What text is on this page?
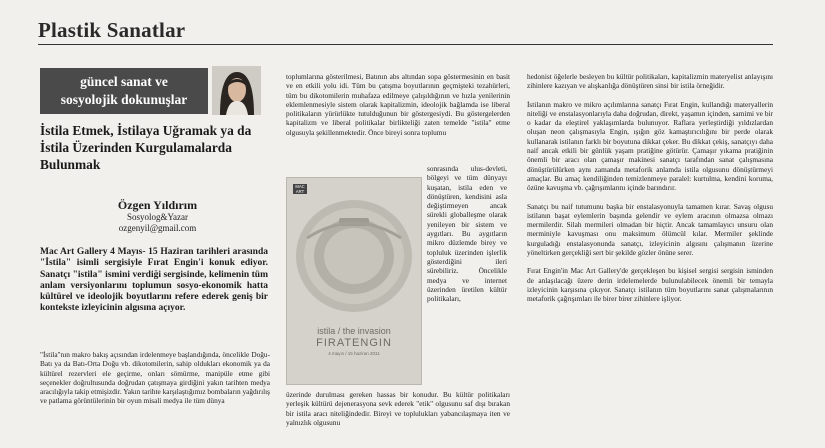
Plastik Sanatlar
güncel sanat ve
sosyolojik dokunuşlar
İstila Etmek, İstilaya Uğramak ya da İstila Üzerinden Kurgulamalarda Bulunmak
Özgen Yıldırım
Sosyolog&Yazar
ozgenyil@gmail.com
Mac Art Gallery 4 Mayıs- 15 Haziran tarihleri arasında "İstila" isimli sergisiyle Fırat Engin'i konuk ediyor. Sanatçı "istila" ismini verdiği sergisinde, kelimenin tüm anlam versiyonlarını toplumun sosyo-ekonomik hatta kültürel ve ideolojik boyutlarını refere ederek geniş bir kontekste izleyicinin algısına açıyor.
"İstila"nın makro bakış açısından irdelenmeye başlandığında, öncelikle Doğu-Batı ya da Batı-Orta Doğu vb. dikotomilerin, sahip oldukları ekonomik ya da kültürel rezervleri ele geçirme, onları sömürme, manipüle etme gibi seçenekler doğrultusunda doğrudan çatışmaya girdiğini yakın tarihten medya aracılığıyla takip etmişizdir. Yakın tarihte karşılaştığımız bombaların yağdırılış ve patlama görüntülerinin bir oyun misali medya ile tüm dünya
toplumlarına gösterilmesi, Batının abs altından sopa göstermesinin en basit ve en etkili yolu idi. Tüm bu çatışma boyutlarının geçmişteki tezahürleri, tüm bu dikotomilerin muhafaza edilmeye çalışıldığının ve hızla yenilerinin eklemlenmesiyle sistem olarak kapitalizmin, ideolojik bağlamda ise liberal politikaların yürürlükte tutulduğunun bir göstergesiydi. Bu göstergelerden kapitalizm ve liberal politikalar birlikteliği zaten temelde "istila" etme olgusuyla şekillenmektedir. Önce bireyi sonra toplumu
MAC
ART
istila / the invasion
FIRATENGIN
4 mayıs / 15 haziran 2011
sonrasında ulus-devleti, bölgeyi ve tüm dünyayı kuşatan, istila eden ve dönüştüren, kendisini asla değiştirmeyen ancak sürekli globalleşme olarak yenileyen bir sistem ve aygıtları. Bu aygıtların mikro düzlemde birey ve topluluk üzerinden işlerlik gösterdiğini ileri sürebiliriz. Öncelikle medya ve internet üzerinden üretilen kültür politikaları,
üzerinde durulması gereken hassas bir konudur. Bu kültür politikaları yerleşik kültürü dejenerasyona sevk ederek "etik" olgusunu saf dışı bırakan bir istila aracı niteliğindedir. Bireyi ve toplulukları yabancılaşmaya iten ve yalnızlık olgusunu

hedonist öğelerle besleyen bu kültür politikaları, kapitalizmin materyelist anlayışını zihinlere kazıyan ve alışkanlığa dönüştüren sinsi bir istila örneğidir.

İstilanın makro ve mikro açılımlarına sanatçı Fırat Engin, kullandığı materyallerin niteliği ve enstalasyonlarıyla daha doğrudan, direkt, yaşamın içinden, samimi ve bir o kadar da eleştirel yaklaşımlarda bulunuyor. Raflara yerleştirdiği yıldızlardan oluşan neon çalışmasıyla Engin, ışığın göz kamaştırıcılığını bir perde olarak kullanarak istilanın farklı bir boyutuna dikkat çeker. Bu dikkat çekiş, sanatçıyı daha naif ancak etkili bir günlük yaşam pratiğine götürür. Çamaşır yıkama pratiğinin önemli bir aracı olan çamaşır makinesi sanatçı tarafından sanat çalışmasına dönüştürülürken aynı zamanda metaforik anlamda istila olgusunu dönüştürmeyi amaçlar. Bu amaç kendiliğinden temizlenmeye paralel: kurtulma, kendini koruma, özüne kavuşma vb. çağrışımlarını içinde barındırır.

Sanatçı bu naif tutumunu başka bir enstalasyonuyla tamamen kırar. Savaş olgusu istilanın başat eylemlerin başında gelendir ve eylem aracının olmazsa olmazı mermilerdir. Silah mermileri olmadan bir hiçtir. Ancak tamamlayıcı unsuru olan merminiyle kavuşması onu maksimum ölümcül kılar. Mermiler şeklinde kurguladığı enstalasyonunda sanatçı, izleyicinin algısını çalışmanın üzerine yöneltirken gerçekliği sert bir şekilde gözler önüne serer.

Fırat Engin'in Mac Art Gallery'de gerçekleşen bu kişisel sergisi sergisin isminden de anlaşılacağı üzere derin irdelemelerde bulunulabilecek önemli bir temayla izleyicinin karşısına çıkıyor. Sanatçı istilanın tüm boyutlarını sanat çalışmalarının metaforik çağrışımları ile birer birer zihinlere işliyor.
